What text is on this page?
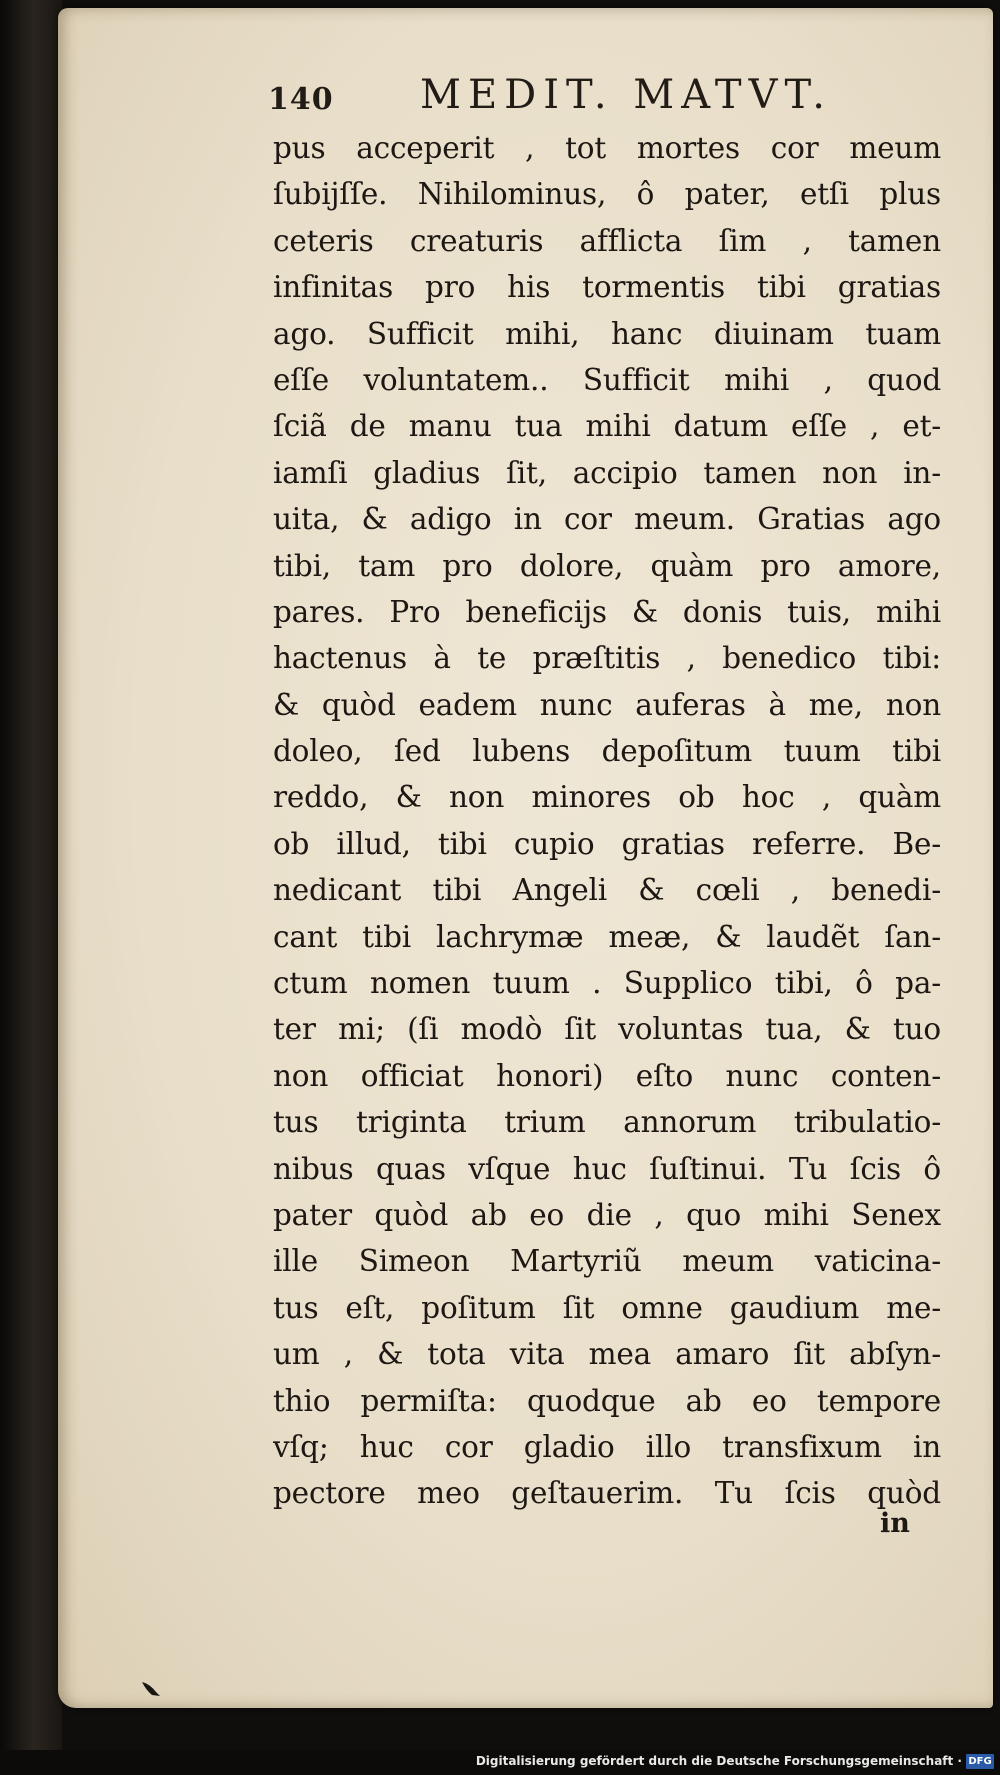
140 MEDIT. MATVT.
pus acceperit , tot mortes cor meum
ſubijſſe. Nihilominus, ô pater, etſi plus
ceteris creaturis afflicta ſim , tamen
infinitas pro his tormentis tibi gratias
ago. Sufficit mihi, hanc diuinam tuam
eſſe voluntatem.. Sufficit mihi , quod
ſciã de manu tua mihi datum eſſe , et-
iamſi gladius ſit, accipio tamen non in-
uita, & adigo in cor meum. Gratias ago
tibi, tam pro dolore, quàm pro amore,
pares. Pro beneficijs & donis tuis, mihi
hactenus à te præſtitis , benedico tibi:
& quòd eadem nunc auferas à me, non
doleo, ſed lubens depoſitum tuum tibi
reddo, & non minores ob hoc , quàm
ob illud, tibi cupio gratias referre. Be-
nedicant tibi Angeli & cœli , benedi-
cant tibi lachrymæ meæ, & laudẽt ſan-
ctum nomen tuum . Supplico tibi, ô pa-
ter mi; (ſi modò ſit voluntas tua, & tuo
non officiat honori) eſto nunc conten-
tus triginta trium annorum tribulatio-
nibus quas vſque huc ſuſtinui. Tu ſcis ô
pater quòd ab eo die , quo mihi Senex
ille Simeon Martyriũ meum vaticina-
tus eſt, poſitum ſit omne gaudium me-
um , & tota vita mea amaro ſit abſyn-
thio permiſta: quodque ab eo tempore
vſq; huc cor gladio illo transfixum in
pectore meo geſtauerim. Tu ſcis quòd
in
Digitalisierung gefördert durch die Deutsche Forschungsgemeinschaft · DFG
